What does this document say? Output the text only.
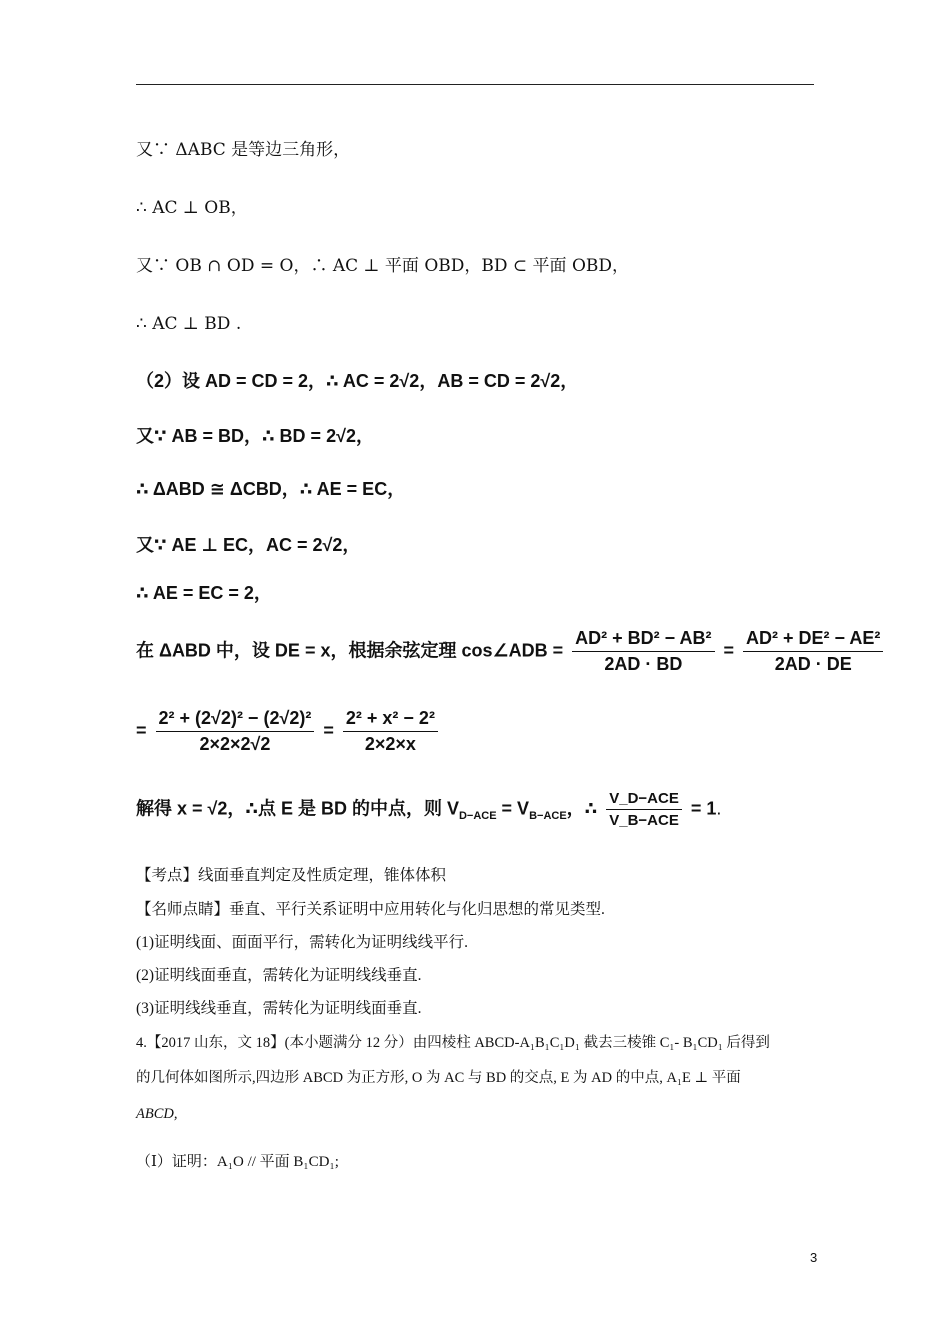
又∵ ΔABC 是等边三角形，
∴ AC ⊥ OB，
又∵ OB ∩ OD = O，∴ AC ⊥ 平面 OBD，BD ⊂ 平面 OBD，
∴ AC ⊥ BD .
（2）设 AD = CD = 2，∴ AC = 2√2，AB = CD = 2√2，
又∵ AB = BD，∴ BD = 2√2，
∴ ΔABD ≅ ΔCBD，∴ AE = EC，
又∵ AE ⊥ EC，AC = 2√2，
∴ AE = EC = 2，
在 ΔABD 中，设 DE = x，根据余弦定理 cos∠ADB = $\frac{\text{AD² + BD² − AB²}}{2AD \cdot BD} = \frac{\text{AD² + DE² − AE²}}{2AD \cdot DE}$
= $\frac{\text{2² + (2√2)² − (2√2)²}}{2\times 2\times 2√2} = \frac{\text{2² + x² − 2²}}{2\times 2\times x}$
解得 x = √2，∴点 E 是 BD 的中点，则 $V_{D-ACE} = V_{B-ACE}$，∴ $\frac{\text{V\_D−ACE}}{\text{V\_B−ACE}} = 1$.
【考点】线面垂直判定及性质定理，锥体体积
【名师点睛】垂直、平行关系证明中应用转化与化归思想的常见类型.
(1)证明线面、面面平行，需转化为证明线线平行.
(2)证明线面垂直，需转化为证明线线垂直.
(3)证明线线垂直，需转化为证明线面垂直.
4.【2017 山东，文 18】(本小题满分 12 分）由四棱柱 ABCD-A₁B₁C₁D₁ 截去三棱锥 C₁- B₁CD₁ 后得到
的几何体如图所示,四边形 ABCD 为正方形, O 为 AC 与 BD 的交点, E 为 AD 的中点, A₁E ⊥ 平面
ABCD,
（Ⅰ）证明：A₁O // 平面 B₁CD₁;
3
